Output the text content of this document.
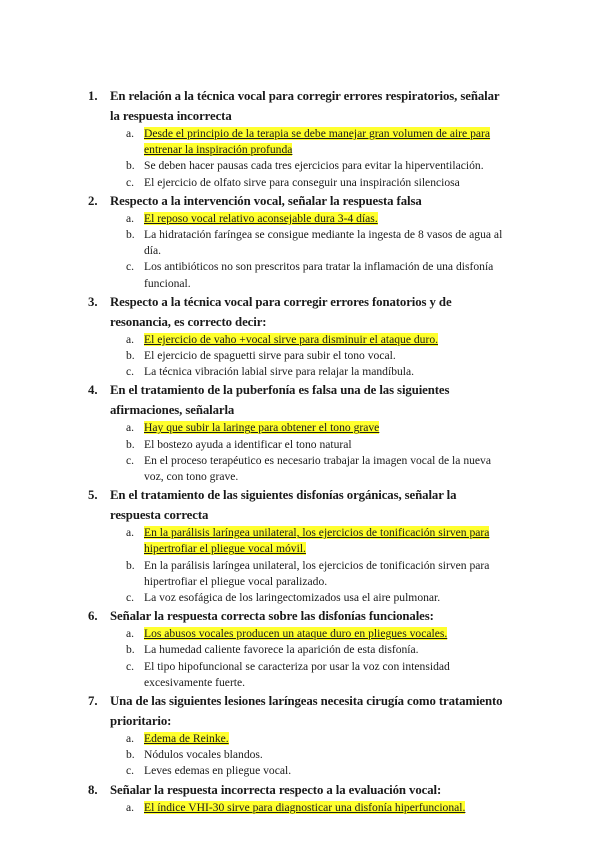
1. En relación a la técnica vocal para corregir errores respiratorios, señalar la respuesta incorrecta
a. Desde el principio de la terapia se debe manejar gran volumen de aire para entrenar la inspiración profunda
b. Se deben hacer pausas cada tres ejercicios para evitar la hiperventilación.
c. El ejercicio de olfato sirve para conseguir una inspiración silenciosa
2. Respecto a la intervención vocal, señalar la respuesta falsa
a. El reposo vocal relativo aconsejable dura 3-4 días.
b. La hidratación faríngea se consigue mediante la ingesta de 8 vasos de agua al día.
c. Los antibióticos no son prescritos para tratar la inflamación de una disfonía funcional.
3. Respecto a la técnica vocal para corregir errores fonatorios y de resonancia, es correcto decir:
a. El ejercicio de vaho +vocal sirve para disminuir el ataque duro.
b. El ejercicio de spaguetti sirve para subir el tono vocal.
c. La técnica vibración labial sirve para relajar la mandíbula.
4. En el tratamiento de la puberfonía es falsa una de las siguientes afirmaciones, señalarla
a. Hay que subir la laringe para obtener el tono grave
b. El bostezo ayuda a identificar el tono natural
c. En el proceso terapéutico es necesario trabajar la imagen vocal de la nueva voz, con tono grave.
5. En el tratamiento de las siguientes disfonías orgánicas, señalar la respuesta correcta
a. En la parálisis laríngea unilateral, los ejercicios de tonificación sirven para hipertrofiar el pliegue vocal móvil.
b. En la parálisis laríngea unilateral, los ejercicios de tonificación sirven para hipertrofiar el pliegue vocal paralizado.
c. La voz esofágica de los laringectomizados usa el aire pulmonar.
6. Señalar la respuesta correcta sobre las disfonías funcionales:
a. Los abusos vocales producen un ataque duro en pliegues vocales.
b. La humedad caliente favorece la aparición de esta disfonía.
c. El tipo hipofuncional se caracteriza por usar la voz con intensidad excesivamente fuerte.
7. Una de las siguientes lesiones laríngeas necesita cirugía como tratamiento prioritario:
a. Edema de Reinke.
b. Nódulos vocales blandos.
c. Leves edemas en pliegue vocal.
8. Señalar la respuesta incorrecta respecto a la evaluación vocal:
a. El índice VHI-30 sirve para diagnosticar una disfonía hiperfuncional.
